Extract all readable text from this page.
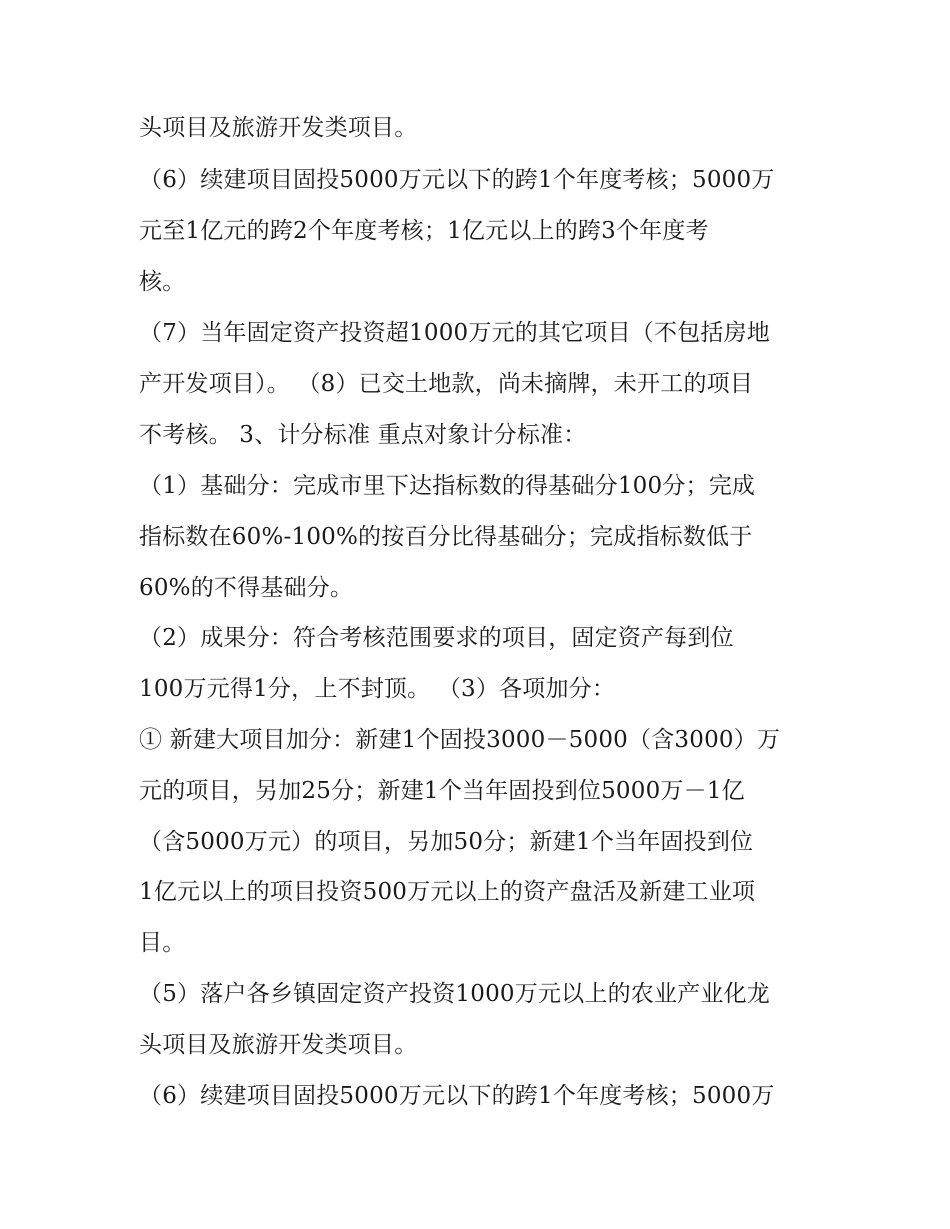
头项目及旅游开发类项目。
（6）续建项目固投5000万元以下的跨1个年度考核；5000万
元至1亿元的跨2个年度考核；1亿元以上的跨3个年度考
核。
（7）当年固定资产投资超1000万元的其它项目（不包括房地
产开发项目）。 （8）已交土地款，尚未摘牌，未开工的项目
不考核。 3、计分标准 重点对象计分标准：
（1）基础分：完成市里下达指标数的得基础分100分；完成
指标数在60%-100%的按百分比得基础分；完成指标数低于
60%的不得基础分。
（2）成果分：符合考核范围要求的项目，固定资产每到位
100万元得1分，上不封顶。 （3）各项加分：
① 新建大项目加分：新建1个固投3000－5000（含3000）万
元的项目，另加25分；新建1个当年固投到位5000万－1亿
（含5000万元）的项目，另加50分；新建1个当年固投到位
1亿元以上的项目投资500万元以上的资产盘活及新建工业项
目。
（5）落户各乡镇固定资产投资1000万元以上的农业产业化龙
头项目及旅游开发类项目。
（6）续建项目固投5000万元以下的跨1个年度考核；5000万
